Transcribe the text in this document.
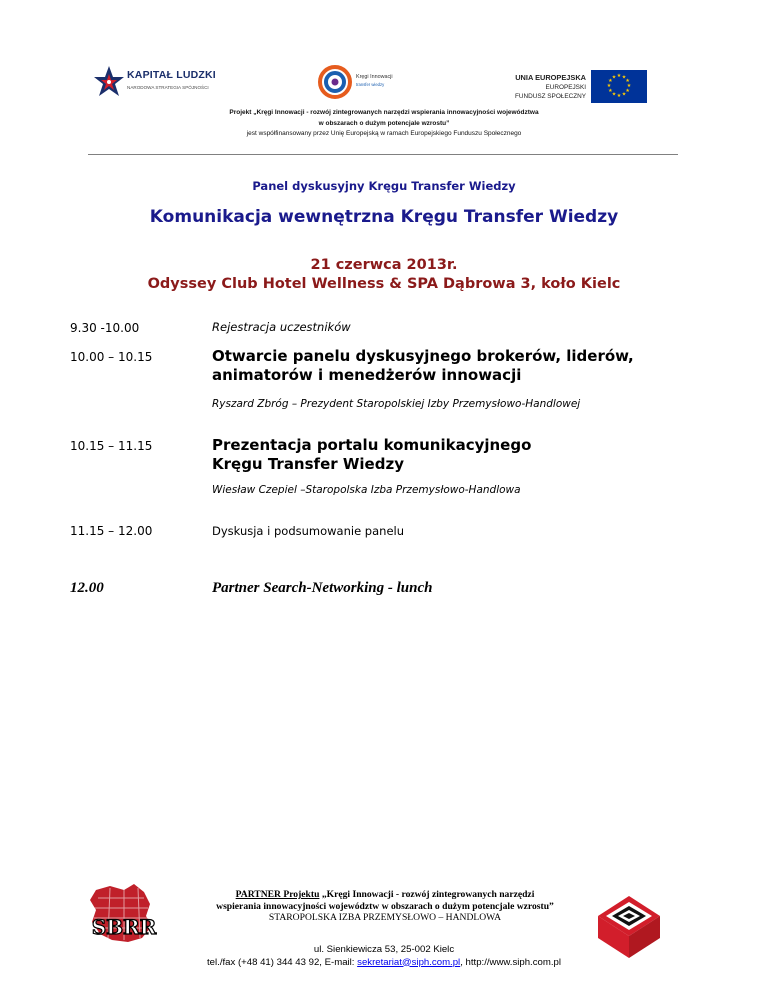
KAPITAŁ LUDZKI
NARODOWA STRATEGIA SPÓJNOŚCI
Kręgi Innowacji
transfer wiedzy
UNIA EUROPEJSKA
EUROPEJSKI
FUNDUSZ SPOŁECZNY
★ ★
★
★
★
★
★
★
★
★
★
★
Projekt „Kręgi Innowacji - rozwój zintegrowanych narzędzi wspierania innowacyjności województwa
w obszarach o dużym potencjale wzrostu”
jest współfinansowany przez Unię Europejską w ramach Europejskiego Funduszu Społecznego
Panel dyskusyjny Kręgu Transfer Wiedzy
Komunikacja wewnętrzna Kręgu Transfer Wiedzy
21 czerwca 2013r.
Odyssey Club Hotel Wellness & SPA Dąbrowa 3, koło Kielc
9.30 -10.00	Rejestracja uczestników
10.00 – 10.15	Otwarcie panelu dyskusyjnego brokerów, liderów,
animatorów i menedżerów innowacji
Ryszard Zbróg – Prezydent Staropolskiej Izby Przemysłowo-Handlowej
10.15 – 11.15	Prezentacja portalu komunikacyjnego
Kręgu Transfer Wiedzy
Wiesław Czepiel –Staropolska Izba Przemysłowo-Handlowa
11.15 – 12.00	Dyskusja i podsumowanie panelu
12.00	Partner Search-Networking - lunch
SBRR
PARTNER Projektu „Kręgi Innowacji - rozwój zintegrowanych narzędzi
wspierania innowacyjności województw w obszarach o dużym potencjale wzrostu”
STAROPOLSKA IZBA PRZEMYSŁOWO – HANDLOWA
ul. Sienkiewicza 53, 25-002 Kielc
tel./fax (+48 41) 344 43 92, E-mail: sekretariat@siph.com.pl, http://www.siph.com.pl
